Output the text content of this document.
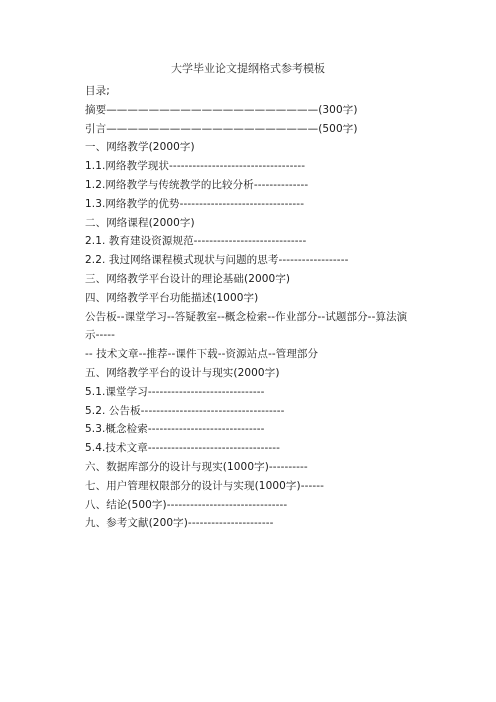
大学毕业论文提纲格式参考模板
目录;
摘要————————————————————(300字)
引言————————————————————(500字)
一、网络教学(2000字)
1.1.网络教学现状-----------------------------------
1.2.网络教学与传统教学的比较分析--------------
1.3.网络教学的优势--------------------------------
二、网络课程(2000字)
2.1. 教育建设资源规范-----------------------------
2.2. 我过网络课程模式现状与问题的思考------------------
三、网络教学平台设计的理论基础(2000字)
四、网络教学平台功能描述(1000字)
公告板--课堂学习--答疑教室--概念检索--作业部分--试题部分--算法演示-----
-- 技术文章--推荐--课件下载--资源站点--管理部分
五、网络教学平台的设计与现实(2000字)
5.1.课堂学习------------------------------
5.2. 公告板-------------------------------------
5.3.概念检索------------------------------
5.4.技术文章----------------------------------
六、数据库部分的设计与现实(1000字)----------
七、用户管理权限部分的设计与实现(1000字)------
八、结论(500字)-------------------------------
九、参考文献(200字)----------------------
